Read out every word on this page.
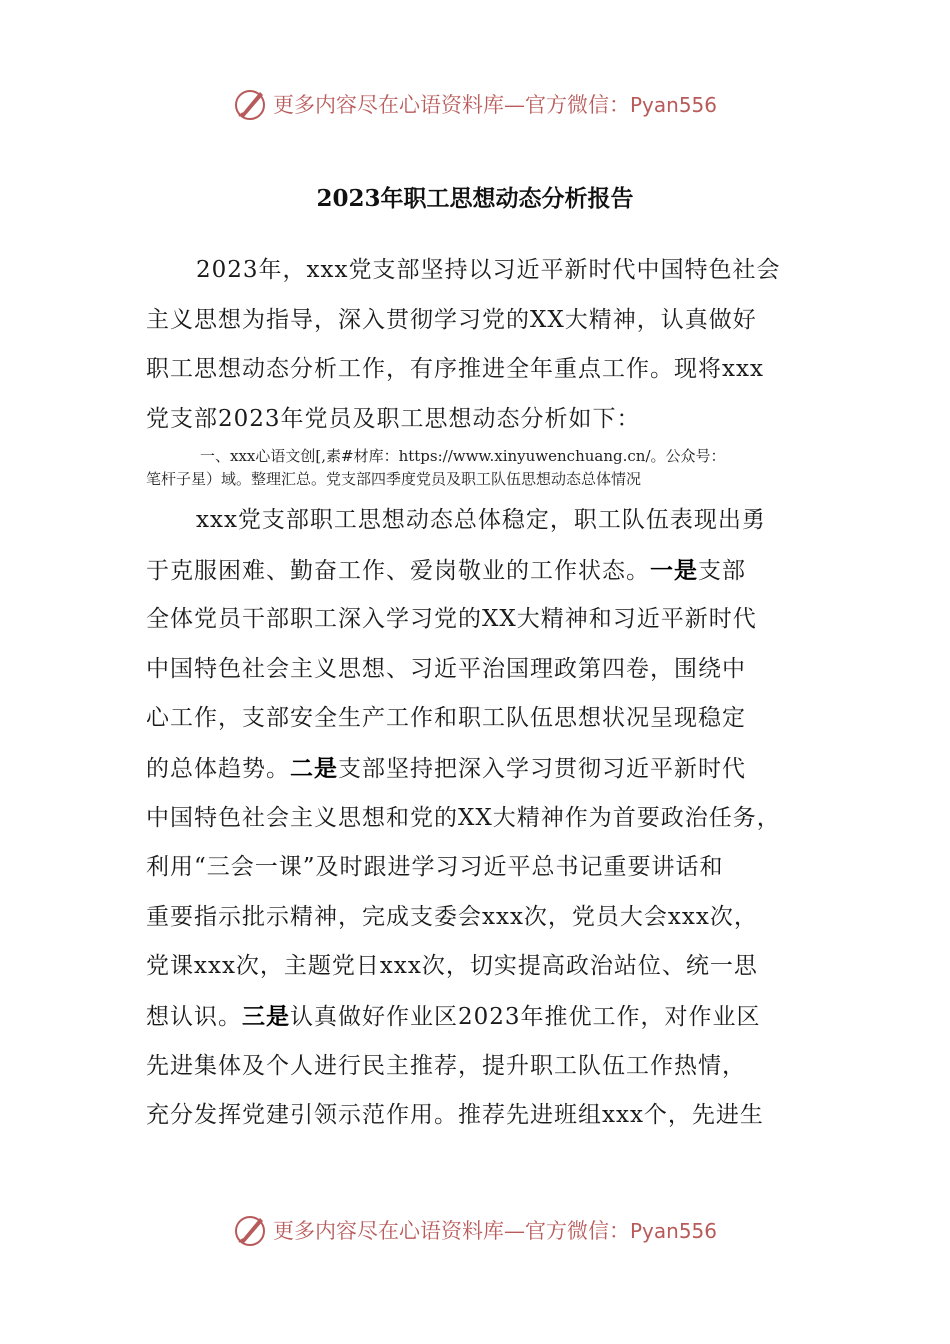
更多内容尽在心语资料库—官方微信：Pyan556
2023年职工思想动态分析报告
2023年，xxx党支部坚持以习近平新时代中国特色社会
主义思想为指导，深入贯彻学习党的XX大精神，认真做好
职工思想动态分析工作，有序推进全年重点工作。现将xxx
党支部2023年党员及职工思想动态分析如下：
一、xxx心语文创[,素#材库：https://www.xinyuwenchuang.cn/。公众号：
笔杆子星）域。整理汇总。党支部四季度党员及职工队伍思想动态总体情况
xxx党支部职工思想动态总体稳定，职工队伍表现出勇
于克服困难、勤奋工作、爱岗敬业的工作状态。一是支部
全体党员干部职工深入学习党的XX大精神和习近平新时代
中国特色社会主义思想、习近平治国理政第四卷，围绕中
心工作，支部安全生产工作和职工队伍思想状况呈现稳定
的总体趋势。二是支部坚持把深入学习贯彻习近平新时代
中国特色社会主义思想和党的XX大精神作为首要政治任务，
利用“三会一课”及时跟进学习习近平总书记重要讲话和
重要指示批示精神，完成支委会xxx次，党员大会xxx次，
党课xxx次，主题党日xxx次，切实提高政治站位、统一思
想认识。三是认真做好作业区2023年推优工作，对作业区
先进集体及个人进行民主推荐，提升职工队伍工作热情，
充分发挥党建引领示范作用。推荐先进班组xxx个，先进生
更多内容尽在心语资料库—官方微信：Pyan556
